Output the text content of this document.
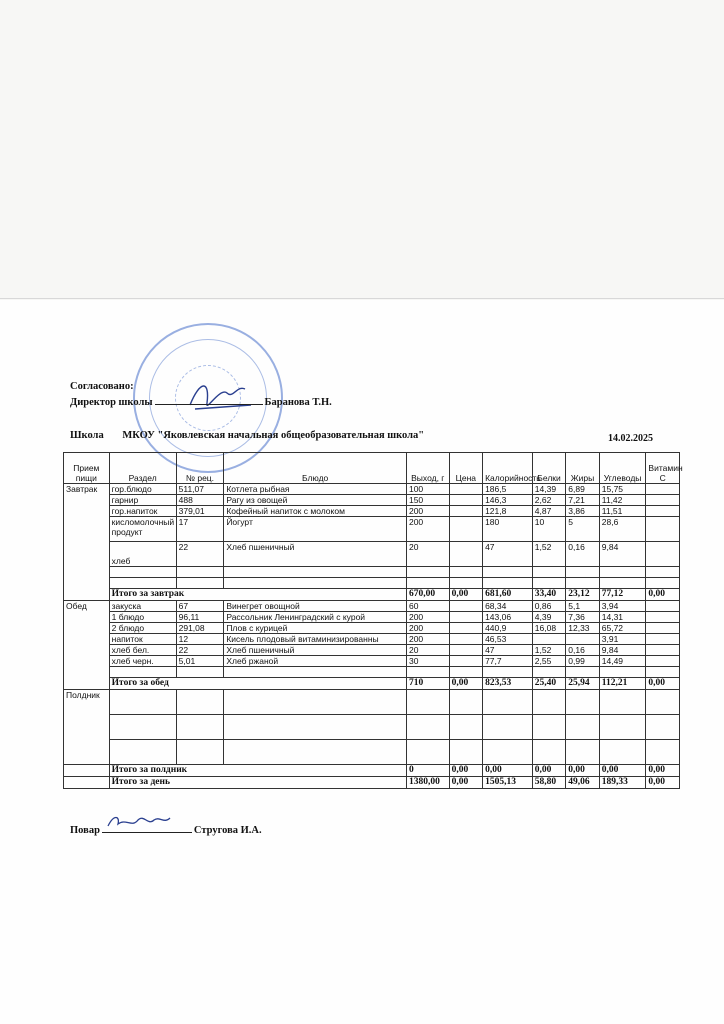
Согласовано:
Директор школы	Баранова Т.Н.
Школа МКОУ "Яковлевская начальная общеобразовательная школа"	14.02.2025
Прием пищи	Раздел	№ рец.	Блюдо	Выход, г	Цена	Калорийность	Белки	Жиры	Углеводы	Витамин С
Завтрак	гор.блюдо	511,07	Котлета рыбная	100		186,5	14,39	6,89	15,75	
	гарнир	488	Рагу из овощей	150		146,3	2,62	7,21	11,42	
	гор.напиток	379,01	Кофейный напиток с молоком	200		121,8	4,87	3,86	11,51	
	кисломолочный продукт	17	Йогурт	200		180	10	5	28,6	
	хлеб	22	Хлеб пшеничный	20		47	1,52	0,16	9,84	

	Итого за завтрак			670,00	0,00	681,60	33,40	23,12	77,12	0,00
Обед	закуска	67	Винегрет овощной	60		68,34	0,86	5,1	3,94	
	1 блюдо	96,11	Рассольник Ленинградский с курой	200		143,06	4,39	7,36	14,31	
	2 блюдо	291,08	Плов с курицей	200		440,9	16,08	12,33	65,72	
	напиток	12	Кисель плодовый витаминизированны	200		46,53			3,91	
	хлеб бел.	22	Хлеб пшеничный	20		47	1,52	0,16	9,84	
	хлеб черн.	5,01	Хлеб ржаной	30		77,7	2,55	0,99	14,49	

	Итого за обед			710	0,00	823,53	25,40	25,94	112,21	0,00
Полдник										

	Итого за полдник			0	0,00	0,00	0,00	0,00	0,00	0,00
	Итого за день			1380,00	0,00	1505,13	58,80	49,06	189,33	0,00
Повар	Стругова И.А.
